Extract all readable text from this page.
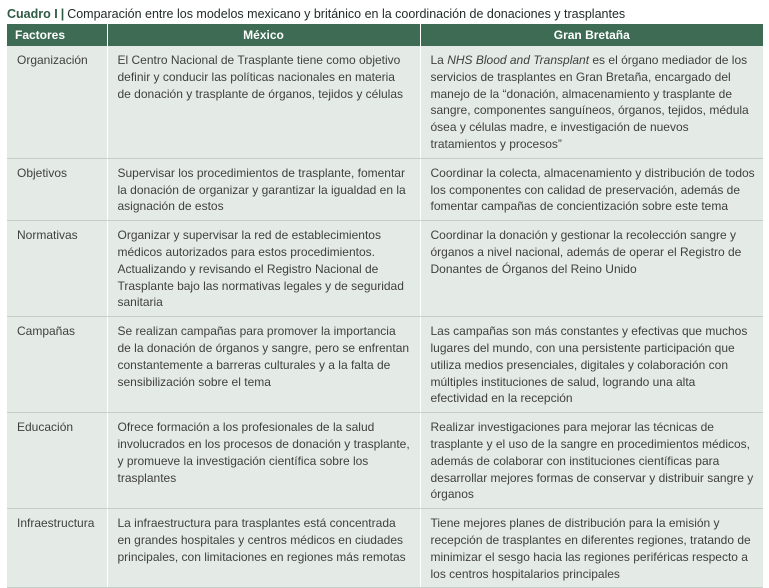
Cuadro I | Comparación entre los modelos mexicano y británico en la coordinación de donaciones y trasplantes
Factores	México	Gran Bretaña
Organización	El Centro Nacional de Trasplante tiene como objetivo definir y conducir las políticas nacionales en materia de donación y trasplante de órganos, tejidos y células	La NHS Blood and Transplant es el órgano mediador de los servicios de trasplantes en Gran Bretaña, encargado del manejo de la “donación, almacenamiento y trasplante de sangre, componentes sanguíneos, órganos, tejidos, médula ósea y células madre, e investigación de nuevos tratamientos y procesos”
Objetivos	Supervisar los procedimientos de trasplante, fomentar la donación de organizar y garantizar la igualdad en la asignación de estos	Coordinar la colecta, almacenamiento y distribución de todos los componentes con calidad de preservación, además de fomentar campañas de concientización sobre este tema
Normativas	Organizar y supervisar la red de establecimientos médicos autorizados para estos procedimientos. Actualizando y revisando el Registro Nacional de Trasplante bajo las normativas legales y de seguridad sanitaria	Coordinar la donación y gestionar la recolección sangre y órganos a nivel nacional, además de operar el Registro de Donantes de Órganos del Reino Unido
Campañas	Se realizan campañas para promover la importancia de la donación de órganos y sangre, pero se enfrentan constantemente a barreras culturales y a la falta de sensibilización sobre el tema	Las campañas son más constantes y efectivas que muchos lugares del mundo, con una persistente participación que utiliza medios presenciales, digitales y colaboración con múltiples instituciones de salud, logrando una alta efectividad en la recepción
Educación	Ofrece formación a los profesionales de la salud involucrados en los procesos de donación y trasplante, y promueve la investigación científica sobre los trasplantes	Realizar investigaciones para mejorar las técnicas de trasplante y el uso de la sangre en procedimientos médicos, además de colaborar con instituciones científicas para desarrollar mejores formas de conservar y distribuir sangre y órganos
Infraestructura	La infraestructura para trasplantes está concentrada en grandes hospitales y centros médicos en ciudades principales, con limitaciones en regiones más remotas	Tiene mejores planes de distribución para la emisión y recepción de trasplantes en diferentes regiones, tratando de minimizar el sesgo hacia las regiones periféricas respecto a los centros hospitalarios principales
